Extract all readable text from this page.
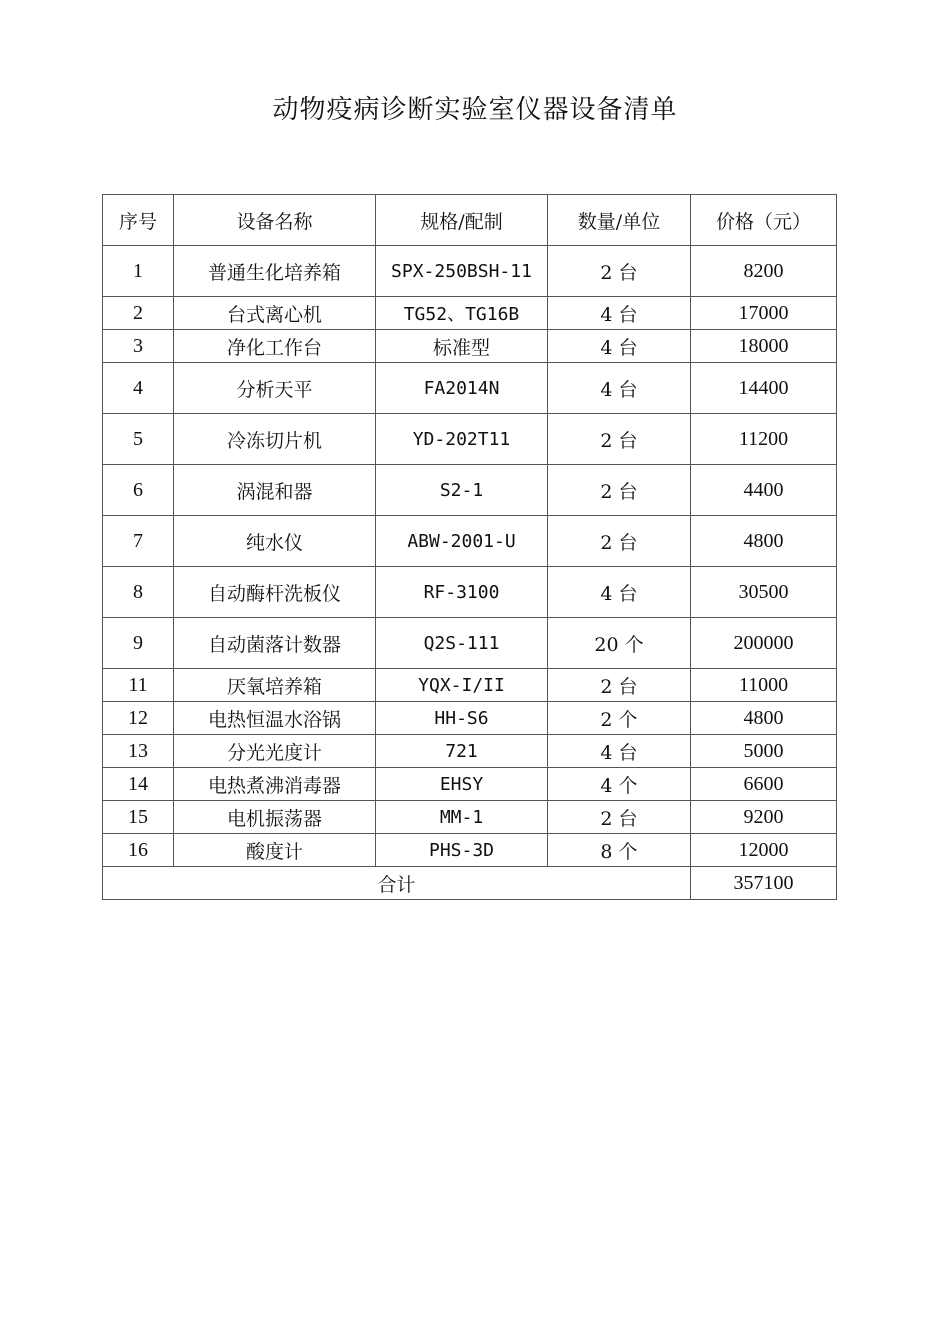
动物疫病诊断实验室仪器设备清单
序号	设备名称	规格/配制	数量/单位	价格（元）
1	普通生化培养箱	SPX-250BSH-11	2 台	8200
2	台式离心机	TG52、TG16B	4 台	17000
3	净化工作台	标准型	4 台	18000
4	分析天平	FA2014N	4 台	14400
5	冷冻切片机	YD-202T11	2 台	11200
6	涡混和器	S2-1	2 台	4400
7	纯水仪	ABW-2001-U	2 台	4800
8	自动酶杆洗板仪	RF-3100	4 台	30500
9	自动菌落计数器	Q2S-111	20 个	200000
11	厌氧培养箱	YQX-I/II	2 台	11000
12	电热恒温水浴锅	HH-S6	2 个	4800
13	分光光度计	721	4 台	5000
14	电热煮沸消毒器	EHSY	4 个	6600
15	电机振荡器	MM-1	2 台	9200
16	酸度计	PHS-3D	8 个	12000
合计				357100
